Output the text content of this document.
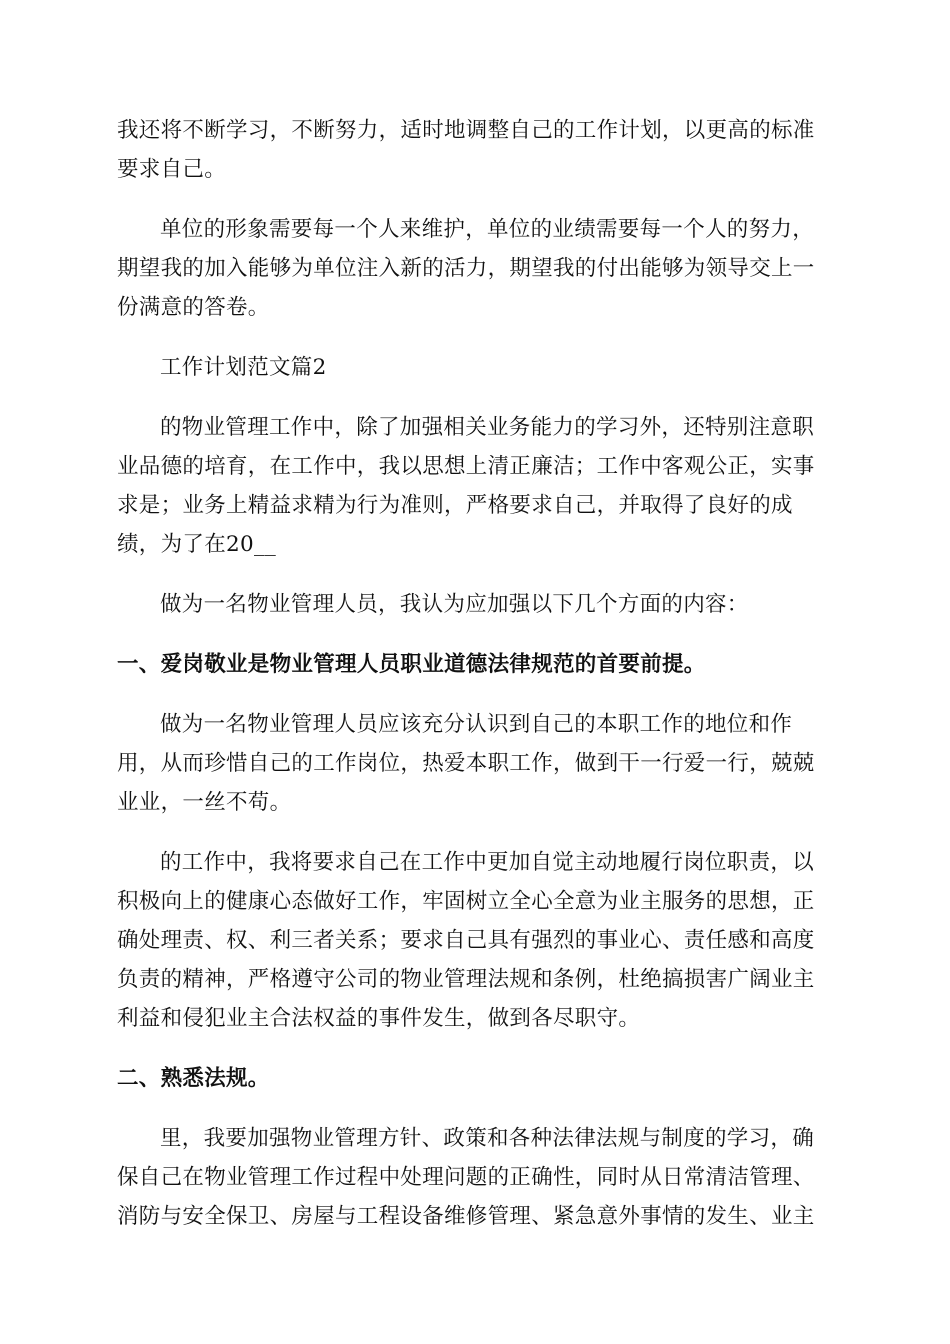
我还将不断学习，不断努力，适时地调整自己的工作计划，以更高的标准
要求自己。

单位的形象需要每一个人来维护，单位的业绩需要每一个人的努力，
期望我的加入能够为单位注入新的活力，期望我的付出能够为领导交上一
份满意的答卷。

工作计划范文篇2

的物业管理工作中，除了加强相关业务能力的学习外，还特别注意职
业品德的培育，在工作中，我以思想上清正廉洁；工作中客观公正，实事
求是；业务上精益求精为行为准则，严格要求自己，并取得了良好的成
绩，为了在20__

做为一名物业管理人员，我认为应加强以下几个方面的内容：

一、爱岗敬业是物业管理人员职业道德法律规范的首要前提。

做为一名物业管理人员应该充分认识到自己的本职工作的地位和作
用，从而珍惜自己的工作岗位，热爱本职工作，做到干一行爱一行，兢兢
业业，一丝不苟。

的工作中，我将要求自己在工作中更加自觉主动地履行岗位职责，以
积极向上的健康心态做好工作，牢固树立全心全意为业主服务的思想，正
确处理责、权、利三者关系；要求自己具有强烈的事业心、责任感和高度
负责的精神，严格遵守公司的物业管理法规和条例，杜绝搞损害广阔业主
利益和侵犯业主合法权益的事件发生，做到各尽职守。

二、熟悉法规。

里，我要加强物业管理方针、政策和各种法律法规与制度的学习，确
保自己在物业管理工作过程中处理问题的正确性，同时从日常清洁管理、
消防与安全保卫、房屋与工程设备维修管理、紧急意外事情的发生、业主
